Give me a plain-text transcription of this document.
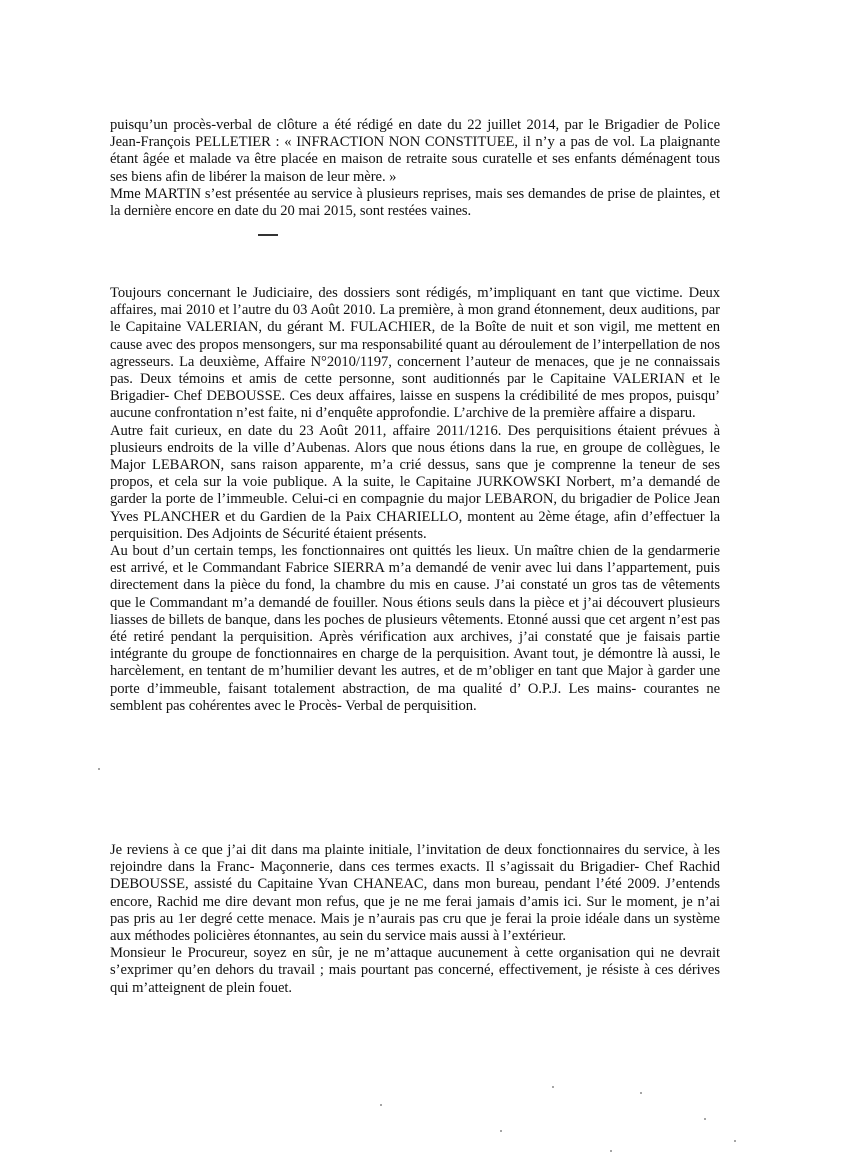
puisqu’un procès-verbal de clôture a été rédigé en date du 22 juillet 2014, par le Brigadier de Police Jean-François PELLETIER : « INFRACTION NON CONSTITUEE, il n’y a pas de vol. La plaignante étant âgée et malade va être placée en maison de retraite sous curatelle et ses enfants déménagent tous ses biens afin de libérer la maison de leur mère. »

Mme MARTIN s’est présentée au service à plusieurs reprises, mais ses demandes de prise de plaintes, et la dernière encore en date du 20 mai 2015, sont restées vaines.

Toujours concernant le Judiciaire, des dossiers sont rédigés, m’impliquant en tant que victime. Deux affaires, mai 2010 et l’autre du 03 Août 2010. La première, à mon grand étonnement, deux auditions, par le Capitaine VALERIAN, du gérant M. FULACHIER, de la Boîte de nuit et son vigil, me mettent en cause avec des propos mensongers, sur ma responsabilité quant au déroulement de l’interpellation de nos agresseurs. La deuxième, Affaire N°2010/1197, concernent l’auteur de menaces, que je ne connaissais pas. Deux témoins et amis de cette personne, sont auditionnés par le Capitaine VALERIAN et le Brigadier- Chef DEBOUSSE. Ces deux affaires, laisse en suspens la crédibilité de mes propos, puisqu’ aucune confrontation n’est faite, ni d’enquête approfondie. L’archive de la première affaire a disparu.

Autre fait curieux, en date du 23 Août 2011, affaire 2011/1216. Des perquisitions étaient prévues à plusieurs endroits de la ville d’Aubenas. Alors que nous étions dans la rue, en groupe de collègues, le Major LEBARON, sans raison apparente, m’a crié dessus, sans que je comprenne la teneur de ses propos, et cela sur la voie publique. A la suite, le Capitaine JURKOWSKI Norbert, m’a demandé de garder la porte de l’immeuble. Celui-ci en compagnie du major LEBARON, du brigadier de Police Jean Yves PLANCHER et du Gardien de la Paix CHARIELLO, montent au 2ème étage, afin d’effectuer la perquisition. Des Adjoints de Sécurité étaient présents.

Au bout d’un certain temps, les fonctionnaires ont quittés les lieux. Un maître chien de la gendarmerie est arrivé, et le Commandant Fabrice SIERRA m’a demandé de venir avec lui dans l’appartement, puis directement dans la pièce du fond, la chambre du mis en cause. J’ai constaté un gros tas de vêtements que le Commandant m’a demandé de fouiller. Nous étions seuls dans la pièce et j’ai découvert plusieurs liasses de billets de banque, dans les poches de plusieurs vêtements. Etonné aussi que cet argent n’est pas été retiré pendant la perquisition. Après vérification aux archives, j’ai constaté que je faisais partie intégrante du groupe de fonctionnaires en charge de la perquisition. Avant tout, je démontre là aussi, le harcèlement, en tentant de m’humilier devant les autres, et de m’obliger en tant que Major à garder une porte d’immeuble, faisant totalement abstraction, de ma qualité d’ O.P.J. Les mains- courantes ne semblent pas cohérentes avec le Procès- Verbal de perquisition.

Je reviens à ce que j’ai dit dans ma plainte initiale, l’invitation de deux fonctionnaires du service, à les rejoindre dans la Franc- Maçonnerie, dans ces termes exacts. Il s’agissait du Brigadier- Chef Rachid DEBOUSSE, assisté du Capitaine Yvan CHANEAC, dans mon bureau, pendant l’été 2009. J’entends encore, Rachid me dire devant mon refus, que je ne me ferai jamais d’amis ici. Sur le moment, je n’ai pas pris au 1er degré cette menace. Mais je n’aurais pas cru que je ferai la proie idéale dans un système aux méthodes policières étonnantes, au sein du service mais aussi à l’extérieur.

Monsieur le Procureur, soyez en sûr, je ne m’attaque aucunement à cette organisation qui ne devrait s’exprimer qu’en dehors du travail ; mais pourtant pas concerné, effectivement, je résiste à ces dérives qui m’atteignent de plein fouet.
